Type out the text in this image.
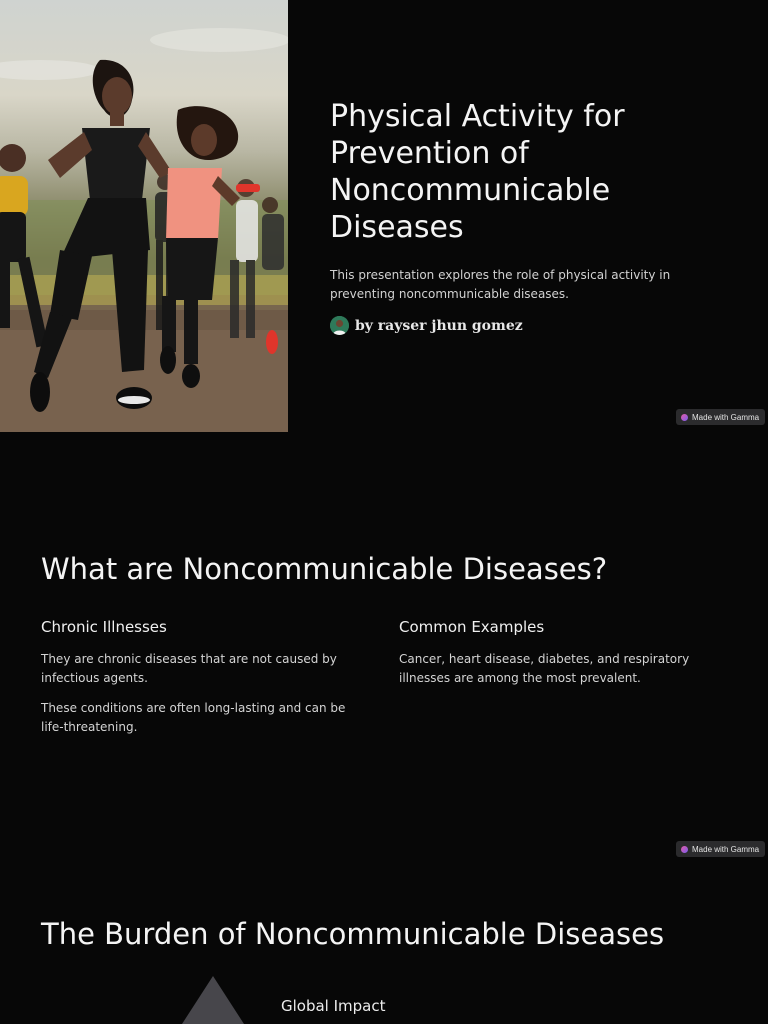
Physical Activity for Prevention of Noncommunicable Diseases

This presentation explores the role of physical activity in preventing noncommunicable diseases.

by rayser jhun gomez
Made with Gamma
What are Noncommunicable Diseases?
Chronic Illnesses

They are chronic diseases that are not caused by infectious agents.

These conditions are often long-lasting and can be life-threatening.

Common Examples

Cancer, heart disease, diabetes, and respiratory illnesses are among the most prevalent.

Made with Gamma
The Burden of Noncommunicable Diseases
Global Impact
